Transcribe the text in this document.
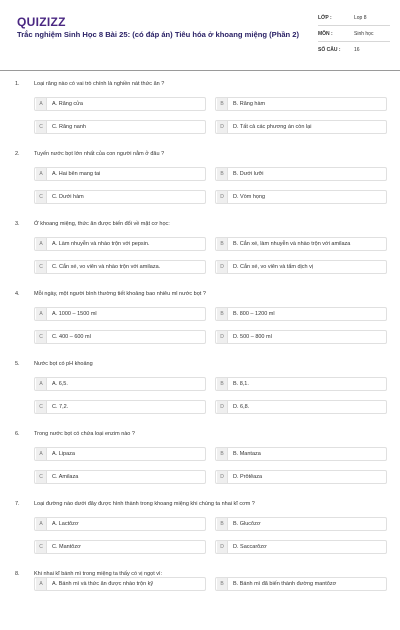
QUIZIZZ
Trắc nghiệm Sinh Học 8 Bài 25: (có đáp án) Tiêu hóa ở khoang miệng (Phần 2)
LỚP :	Lop 8
MÔN :	Sinh học
SỐ CÂU :	16
1.	Loại răng nào có vai trò chính là nghiền nát thức ăn ?
A	A. Răng cửa	B	B. Răng hàm
C	C. Răng nanh	D	D. Tất cả các phương án còn lại
2.	Tuyến nước bọt lớn nhất của con người nằm ở đâu ?
A	A. Hai bên mang tai	B	B. Dưới lưỡi
C	C. Dưới hàm	D	D. Vòm họng
3.	Ở khoang miệng, thức ăn được biến đổi về mặt cơ học:
A	A. Làm nhuyễn và nhào trộn với pepsin.	B	B. Cắn xé, làm nhuyễn và nhào trộn với amilaza
C	C. Cắn xé, vo viên và nhào trộn với amilaza.	D	D. Cắn xé, vo viên và tẩm dịch vị
4.	Mỗi ngày, một người bình thường tiết khoảng bao nhiêu ml nước bọt ?
A	A. 1000 – 1500 ml	B	B. 800 – 1200 ml
C	C. 400 – 600 ml	D	D. 500 – 800 ml
5.	Nước bọt có pH khoảng
A	A. 6,5.	B	B. 8,1.
C	C. 7,2.	D	D. 6,8.
6.	Trong nước bọt có chứa loại enzim nào ?
A	A. Lipaza	B	B. Mantaza
C	C. Amilaza	D	D. Prôtêaza
7.	Loại đường nào dưới đây được hình thành trong khoang miệng khi chúng ta nhai kĩ cơm ?
A	A. Lactôzơ	B	B. Glucôzơ
C	C. Mantôzơ	D	D. Saccarôzơ
8.	Khi nhai kĩ bánh mì trong miệng ta thấy có vị ngọt vì:
A	A. Bánh mì và thức ăn được nhào trộn kỹ	B	B. Bánh mì đã biến thành đường mantôzơ
